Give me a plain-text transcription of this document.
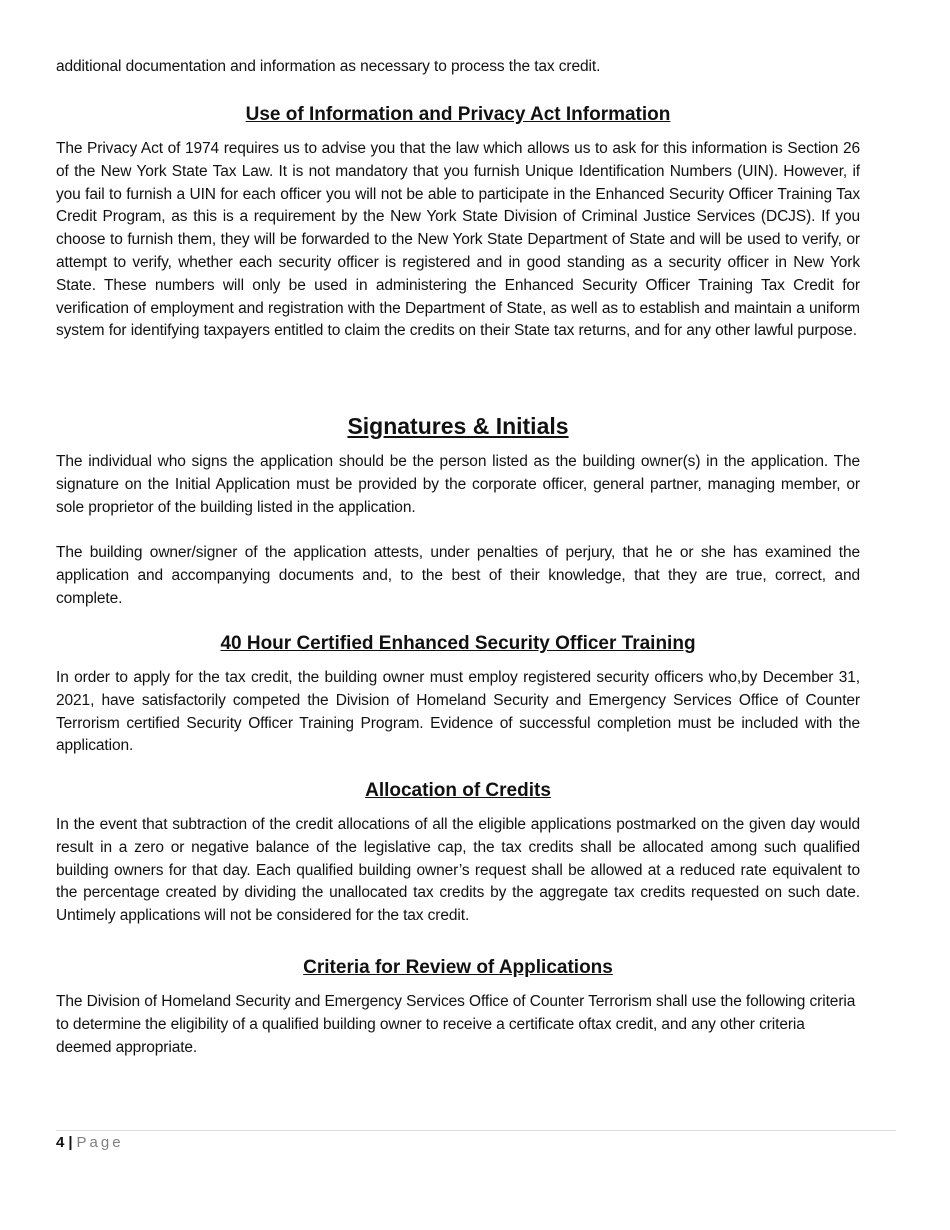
additional documentation and information as necessary to process the tax credit.

Use of Information and Privacy Act Information

The Privacy Act of 1974 requires us to advise you that the law which allows us to ask for this information is Section 26 of the New York State Tax Law. It is not mandatory that you furnish Unique Identification Numbers (UIN). However, if you fail to furnish a UIN for each officer you will not be able to participate in the Enhanced Security Officer Training Tax Credit Program, as this is a requirement by the New York State Division of Criminal Justice Services (DCJS). If you choose to furnish them, they will be forwarded to the New York State Department of State and will be used to verify, or attempt to verify, whether each security officer is registered and in good standing as a security officer in New York State. These numbers will only be used in administering the Enhanced Security Officer Training Tax Credit for verification of employment and registration with the Department of State, as well as to establish and maintain a uniform system for identifying taxpayers entitled to claim the credits on their State tax returns, and for any other lawful purpose.

Signatures & Initials

The individual who signs the application should be the person listed as the building owner(s) in the application. The signature on the Initial Application must be provided by the corporate officer, general partner, managing member, or sole proprietor of the building listed in the application.

The building owner/signer of the application attests, under penalties of perjury, that he or she has examined the application and accompanying documents and, to the best of their knowledge, that they are true, correct, and complete.

40 Hour Certified Enhanced Security Officer Training

In order to apply for the tax credit, the building owner must employ registered security officers who,by December 31, 2021, have satisfactorily competed the Division of Homeland Security and Emergency Services Office of Counter Terrorism certified Security Officer Training Program. Evidence of successful completion must be included with the application.

Allocation of Credits

In the event that subtraction of the credit allocations of all the eligible applications postmarked on the given day would result in a zero or negative balance of the legislative cap, the tax credits shall be allocated among such qualified building owners for that day. Each qualified building owner’s request shall be allowed at a reduced rate equivalent to the percentage created by dividing the unallocated tax credits by the aggregate tax credits requested on such date. Untimely applications will not be considered for the tax credit.

Criteria for Review of Applications

The Division of Homeland Security and Emergency Services Office of Counter Terrorism shall use the following criteria to determine the eligibility of a qualified building owner to receive a certificate oftax credit, and any other criteria deemed appropriate.

4 | Page
